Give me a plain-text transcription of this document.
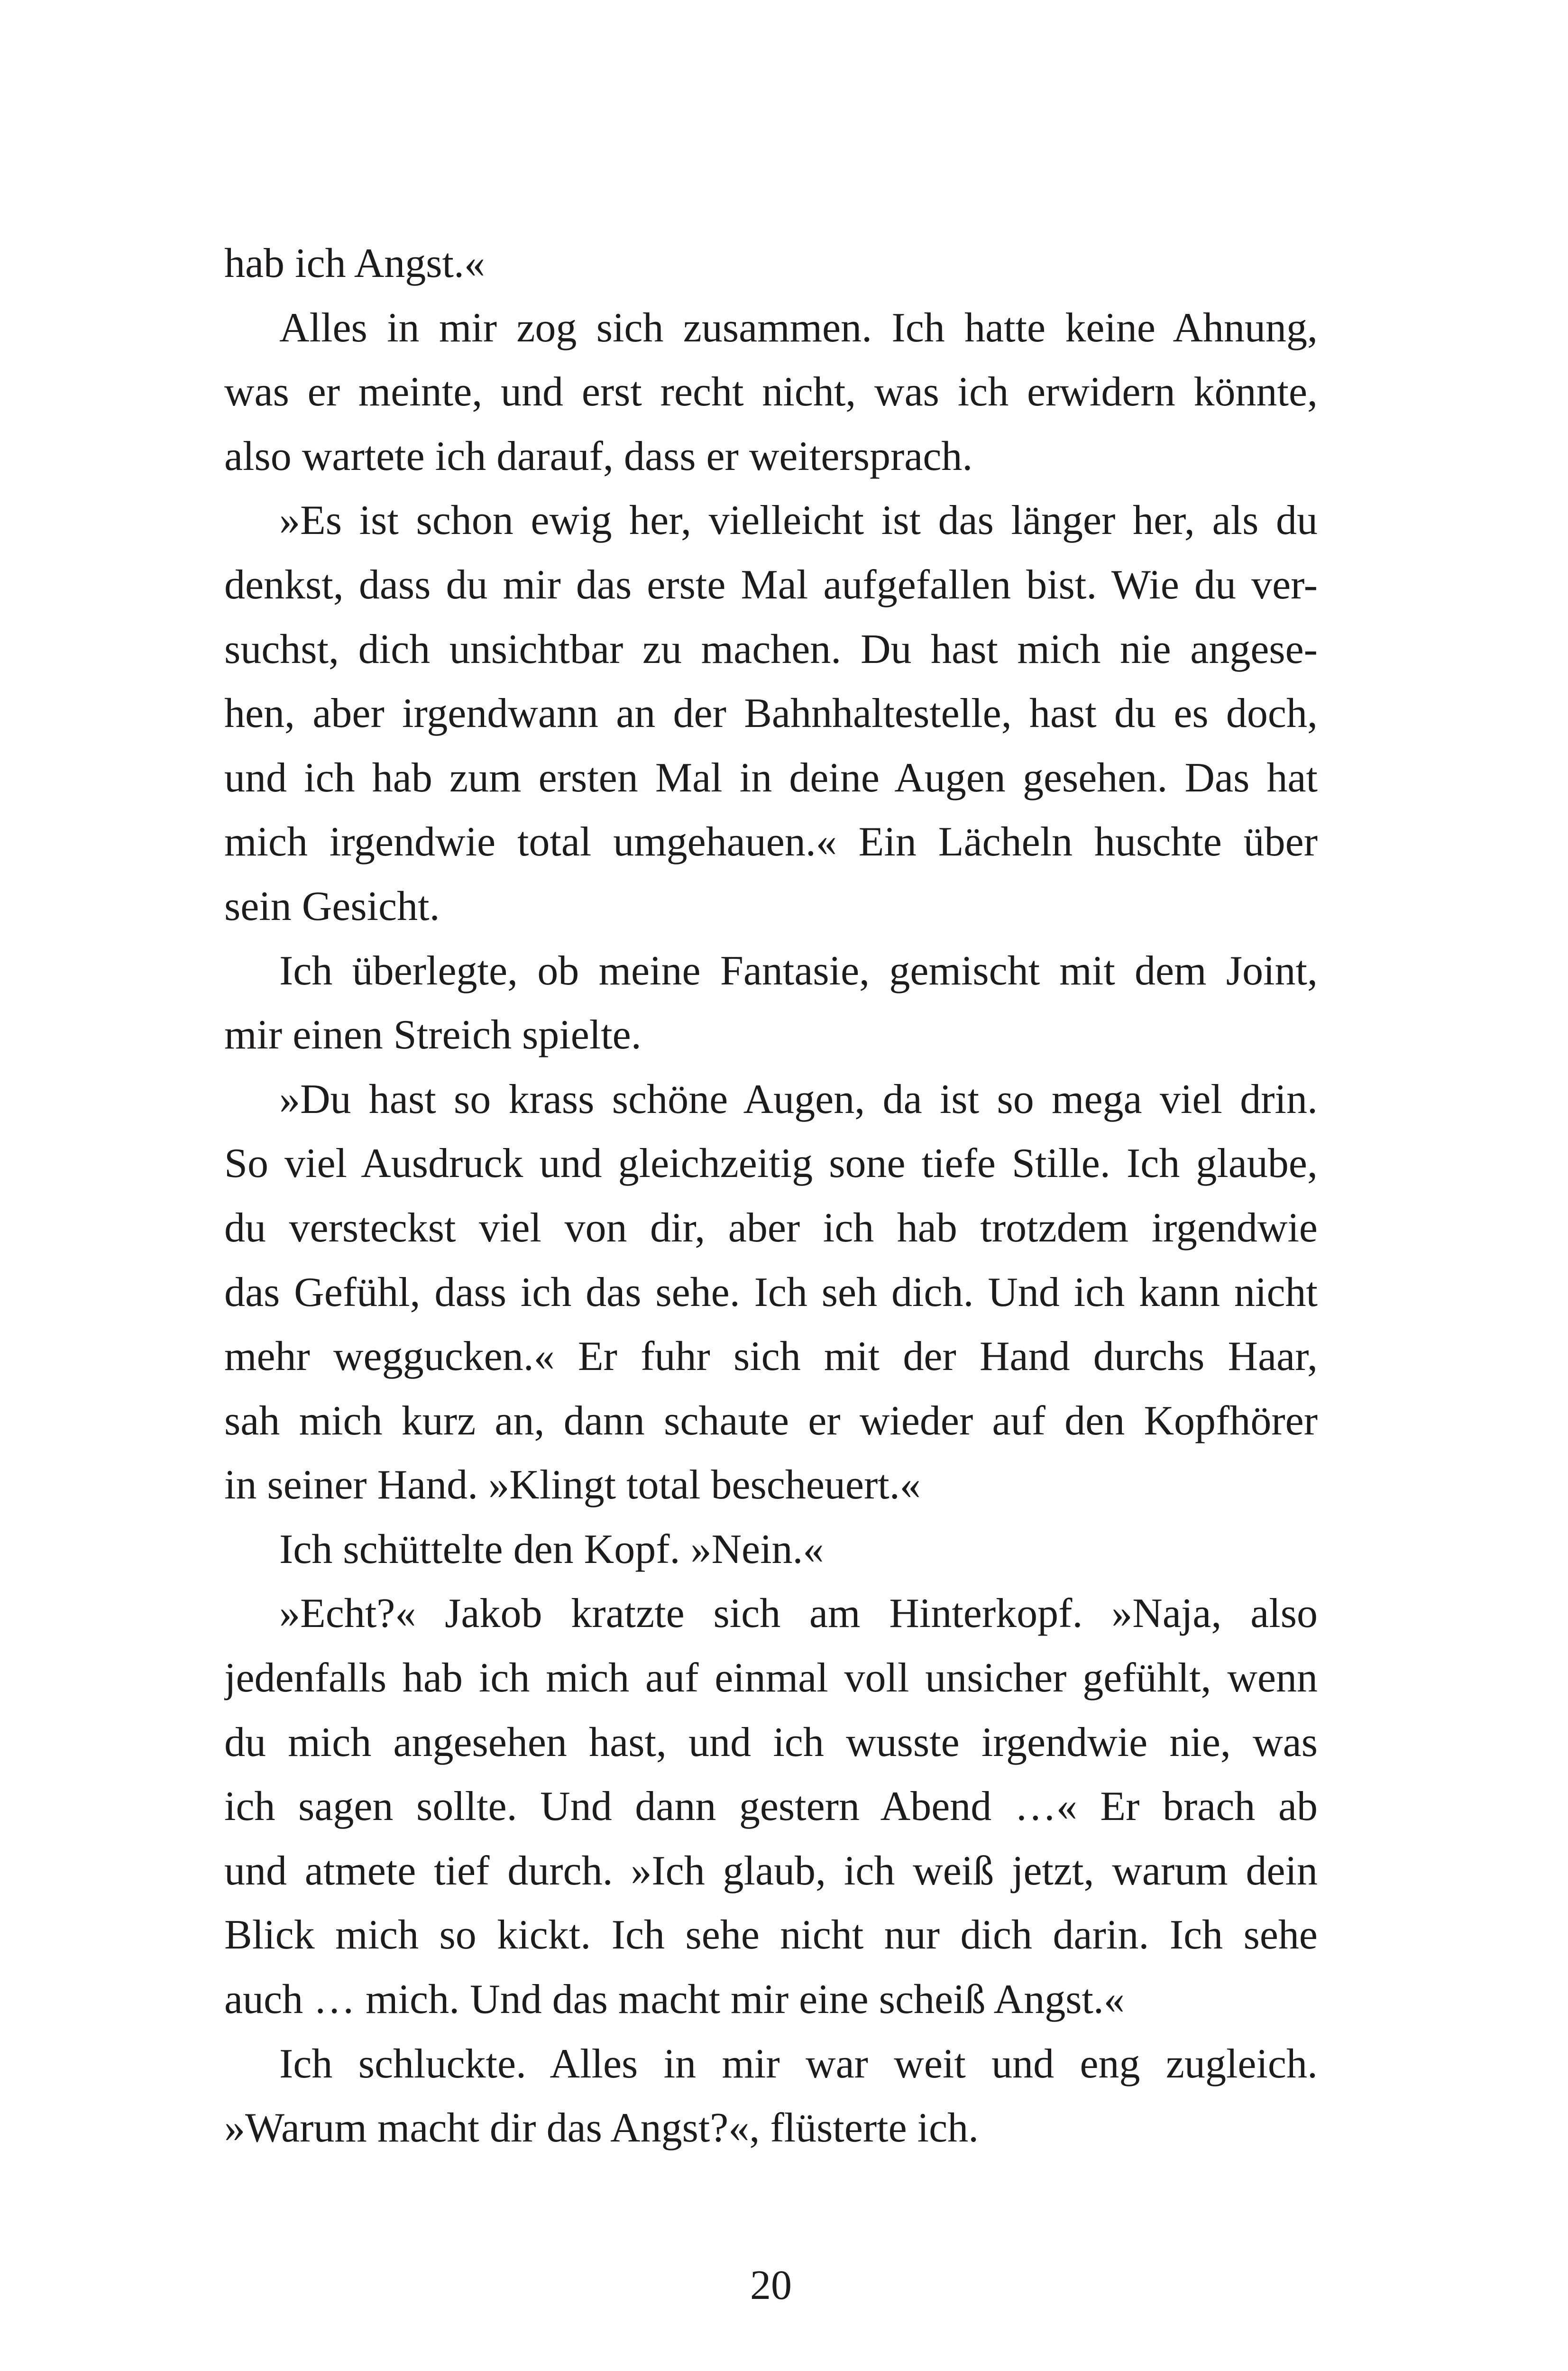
hab ich Angst.«
Alles in mir zog sich zusammen. Ich hatte keine Ahnung,
was er meinte, und erst recht nicht, was ich erwidern könnte,
also wartete ich darauf, dass er weitersprach.
»Es ist schon ewig her, vielleicht ist das länger her, als du
denkst, dass du mir das erste Mal aufgefallen bist. Wie du ver-
suchst, dich unsichtbar zu machen. Du hast mich nie angese-
hen, aber irgendwann an der Bahnhaltestelle, hast du es doch,
und ich hab zum ersten Mal in deine Augen gesehen. Das hat
mich irgendwie total umgehauen.« Ein Lächeln huschte über
sein Gesicht.
Ich überlegte, ob meine Fantasie, gemischt mit dem Joint,
mir einen Streich spielte.
»Du hast so krass schöne Augen, da ist so mega viel drin.
So viel Ausdruck und gleichzeitig sone tiefe Stille. Ich glaube,
du versteckst viel von dir, aber ich hab trotzdem irgendwie
das Gefühl, dass ich das sehe. Ich seh dich. Und ich kann nicht
mehr weggucken.« Er fuhr sich mit der Hand durchs Haar,
sah mich kurz an, dann schaute er wieder auf den Kopfhörer
in seiner Hand. »Klingt total bescheuert.«
Ich schüttelte den Kopf. »Nein.«
»Echt?« Jakob kratzte sich am Hinterkopf. »Naja, also
jedenfalls hab ich mich auf einmal voll unsicher gefühlt, wenn
du mich angesehen hast, und ich wusste irgendwie nie, was
ich sagen sollte. Und dann gestern Abend …« Er brach ab
und atmete tief durch. »Ich glaub, ich weiß jetzt, warum dein
Blick mich so kickt. Ich sehe nicht nur dich darin. Ich sehe
auch … mich. Und das macht mir eine scheiß Angst.«
Ich schluckte. Alles in mir war weit und eng zugleich.
»Warum macht dir das Angst?«, flüsterte ich.
20
